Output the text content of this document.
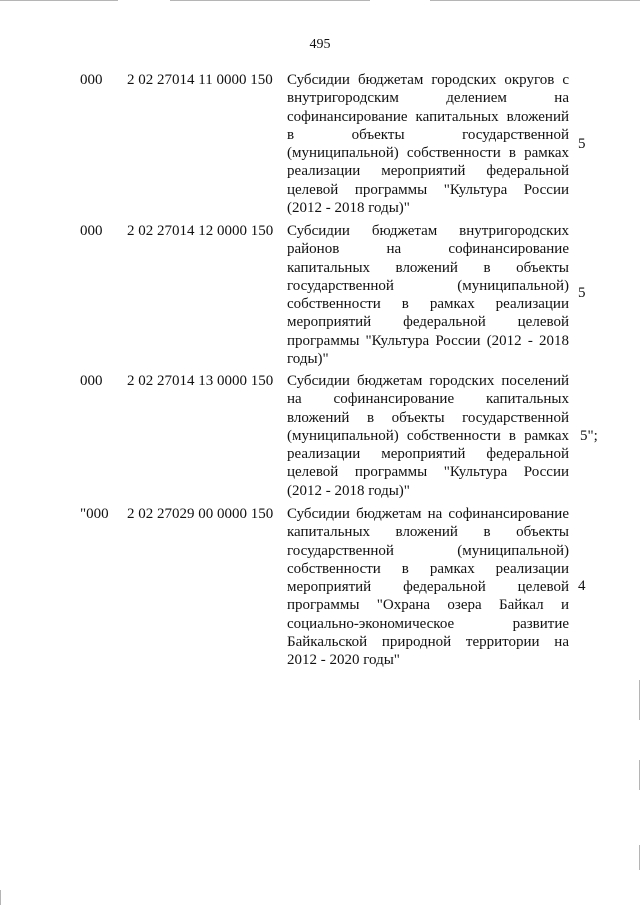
495
000 2 02 27014 11 0000 150 Субсидии бюджетам городских округов с
внутригородским делением на
софинансирование капитальных вложений
в объекты государственной
(муниципальной) собственности в рамках
реализации мероприятий федеральной
целевой программы "Культура России
(2012 - 2018 годы)"
5
000 2 02 27014 12 0000 150 Субсидии бюджетам внутригородских
районов на софинансирование
капитальных вложений в объекты
государственной (муниципальной)
собственности в рамках реализации
мероприятий федеральной целевой
программы "Культура России (2012 - 2018
годы)"
5
000 2 02 27014 13 0000 150 Субсидии бюджетам городских поселений
на софинансирование капитальных
вложений в объекты государственной
(муниципальной) собственности в рамках
реализации мероприятий федеральной
целевой программы "Культура России
(2012 - 2018 годы)"
5";
"000 2 02 27029 00 0000 150 Субсидии бюджетам на софинансирование
капитальных вложений в объекты
государственной (муниципальной)
собственности в рамках реализации
мероприятий федеральной целевой
программы "Охрана озера Байкал и
социально-экономическое развитие
Байкальской природной территории на
2012 - 2020 годы"
4
